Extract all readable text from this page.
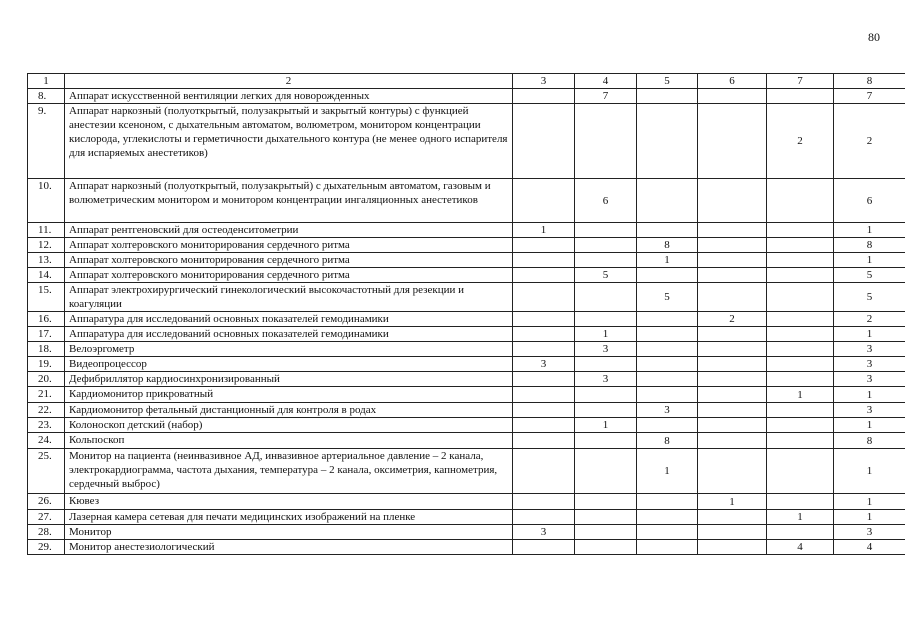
80
1	2	3	4	5	6	7	8
8.	Аппарат искусственной вентиляции легких для новорожденных		7				7
9.	Аппарат наркозный (полуоткрытый, полузакрытый и закрытый контуры) с функцией анестезии ксеноном, с дыхательным автоматом, волюметром, монитором концентрации кислорода, углекислоты и герметичности дыхательного контура (не менее одного испарителя для испаряемых анестетиков)					2	2
10.	Аппарат наркозный (полуоткрытый, полузакрытый) с дыхательным автоматом, газовым и волюметрическим монитором и монитором концентрации ингаляционных анестетиков		6				6
11.	Аппарат рентгеновский для остеоденситометрии	1					1
12.	Аппарат холтеровского мониторирования сердечного ритма			8			8
13.	Аппарат холтеровского мониторирования сердечного ритма			1			1
14.	Аппарат холтеровского мониторирования сердечного ритма		5				5
15.	Аппарат электрохирургический гинекологический высокочастотный для резекции и коагуляции			5			5
16.	Аппаратура для исследований основных показателей гемодинамики				2		2
17.	Аппаратура для исследований основных показателей гемодинамики		1				1
18.	Велоэргометр		3				3
19.	Видеопроцессор	3					3
20.	Дефибриллятор кардиосинхронизированный		3				3
21.	Кардиомонитор прикроватный					1	1
22.	Кардиомонитор фетальный дистанционный для контроля в родах			3			3
23.	Колоноскоп детский (набор)		1				1
24.	Кольпоскоп			8			8
25.	Монитор на пациента (неинвазивное АД, инвазивное артериальное давление – 2 канала, электрокардиограмма, частота дыхания, температура – 2 канала, оксиметрия, капнометрия, сердечный выброс)			1			1
26.	Кювез				1		1
27.	Лазерная камера сетевая для печати медицинских изображений на пленке					1	1
28.	Монитор	3					3
29.	Монитор анестезиологический					4	4
